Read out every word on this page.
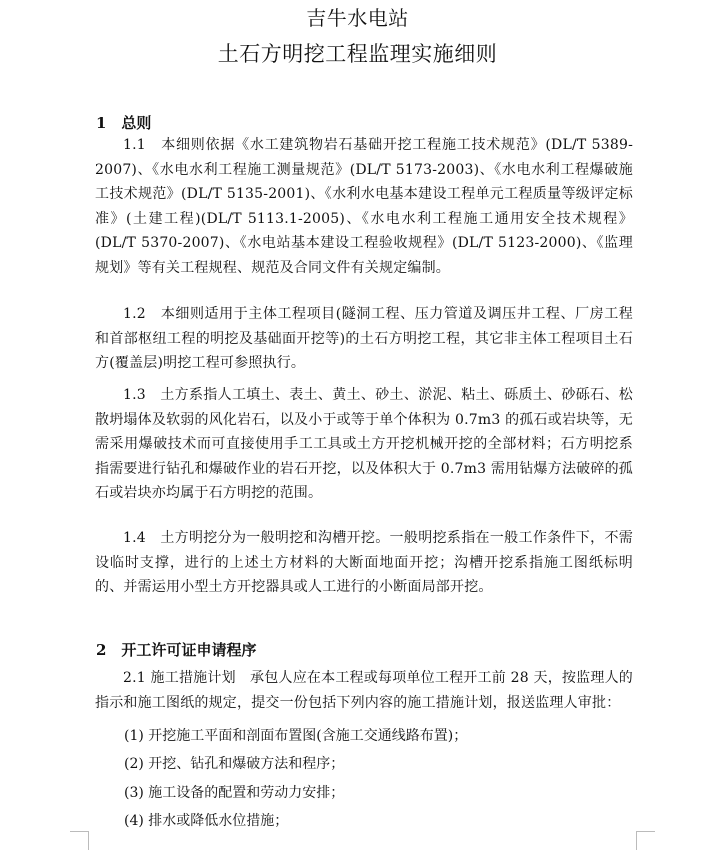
吉牛水电站
土石方明挖工程监理实施细则
1　总则
1.1　本细则依据《水工建筑物岩石基础开挖工程施工技术规范》(DL/T 5389-2007)、《水电水利工程施工测量规范》(DL/T 5173-2003)、《水电水利工程爆破施工技术规范》(DL/T 5135-2001)、《水利水电基本建设工程单元工程质量等级评定标准》(土建工程)(DL/T 5113.1-2005)、《水电水利工程施工通用安全技术规程》(DL/T 5370-2007)、《水电站基本建设工程验收规程》(DL/T 5123-2000)、《监理规划》等有关工程规程、规范及合同文件有关规定编制。
1.2　本细则适用于主体工程项目(隧洞工程、压力管道及调压井工程、厂房工程和首部枢纽工程的明挖及基础面开挖等)的土石方明挖工程，其它非主体工程项目土石方(覆盖层)明挖工程可参照执行。
1.3　土方系指人工填土、表土、黄土、砂土、淤泥、粘土、砾质土、砂砾石、松散坍塌体及软弱的风化岩石，以及小于或等于单个体积为 0.7m3 的孤石或岩块等，无需采用爆破技术而可直接使用手工工具或土方开挖机械开挖的全部材料；石方明挖系指需要进行钻孔和爆破作业的岩石开挖，以及体积大于 0.7m3 需用钻爆方法破碎的孤石或岩块亦均属于石方明挖的范围。
1.4　土方明挖分为一般明挖和沟槽开挖。一般明挖系指在一般工作条件下，不需设临时支撑，进行的上述土方材料的大断面地面开挖；沟槽开挖系指施工图纸标明的、并需运用小型土方开挖器具或人工进行的小断面局部开挖。
2　开工许可证申请程序
2.1 施工措施计划　承包人应在本工程或每项单位工程开工前 28 天，按监理人的指示和施工图纸的规定，提交一份包括下列内容的施工措施计划，报送监理人审批：
(1) 开挖施工平面和剖面布置图(含施工交通线路布置)；
(2) 开挖、钻孔和爆破方法和程序；
(3) 施工设备的配置和劳动力安排；
(4) 排水或降低水位措施；
